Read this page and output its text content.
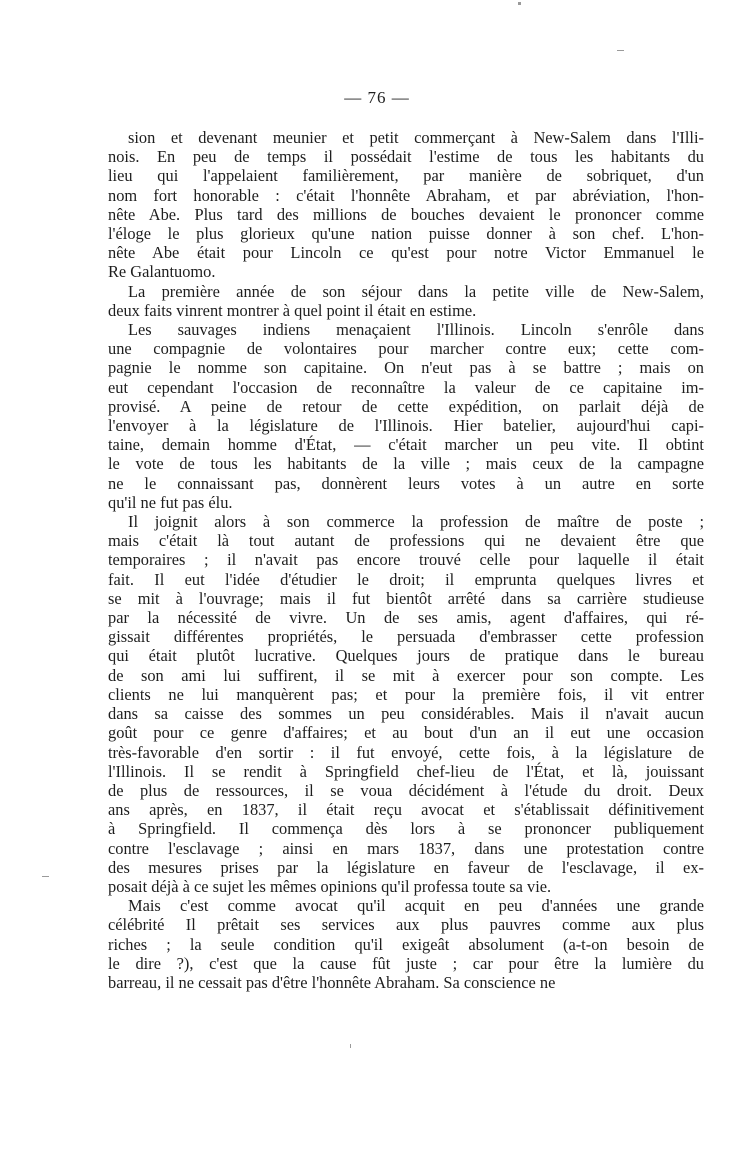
— 76 —
sion et devenant meunier et petit commerçant à New-Salem dans l'Illi-
nois. En peu de temps il possédait l'estime de tous les habitants du
lieu qui l'appelaient familièrement, par manière de sobriquet, d'un
nom fort honorable : c'était l'honnête Abraham, et par abréviation, l'hon-
nête Abe. Plus tard des millions de bouches devaient le prononcer comme
l'éloge le plus glorieux qu'une nation puisse donner à son chef. L'hon-
nête Abe était pour Lincoln ce qu'est pour notre Victor Emmanuel le
Re Galantuomo.
La première année de son séjour dans la petite ville de New-Salem,
deux faits vinrent montrer à quel point il était en estime.
Les sauvages indiens menaçaient l'Illinois. Lincoln s'enrôle dans
une compagnie de volontaires pour marcher contre eux; cette com-
pagnie le nomme son capitaine. On n'eut pas à se battre ; mais on
eut cependant l'occasion de reconnaître la valeur de ce capitaine im-
provisé. A peine de retour de cette expédition, on parlait déjà de
l'envoyer à la législature de l'Illinois. Hier batelier, aujourd'hui capi-
taine, demain homme d'État, — c'était marcher un peu vite. Il obtint
le vote de tous les habitants de la ville ; mais ceux de la campagne
ne le connaissant pas, donnèrent leurs votes à un autre en sorte
qu'il ne fut pas élu.
Il joignit alors à son commerce la profession de maître de poste ;
mais c'était là tout autant de professions qui ne devaient être que
temporaires ; il n'avait pas encore trouvé celle pour laquelle il était
fait. Il eut l'idée d'étudier le droit; il emprunta quelques livres et
se mit à l'ouvrage; mais il fut bientôt arrêté dans sa carrière studieuse
par la nécessité de vivre. Un de ses amis, agent d'affaires, qui ré-
gissait différentes propriétés, le persuada d'embrasser cette profession
qui était plutôt lucrative. Quelques jours de pratique dans le bureau
de son ami lui suffirent, il se mit à exercer pour son compte. Les
clients ne lui manquèrent pas; et pour la première fois, il vit entrer
dans sa caisse des sommes un peu considérables. Mais il n'avait aucun
goût pour ce genre d'affaires; et au bout d'un an il eut une occasion
très-favorable d'en sortir : il fut envoyé, cette fois, à la législature de
l'Illinois. Il se rendit à Springfield chef-lieu de l'État, et là, jouissant
de plus de ressources, il se voua décidément à l'étude du droit. Deux
ans après, en 1837, il était reçu avocat et s'établissait définitivement
à Springfield. Il commença dès lors à se prononcer publiquement
contre l'esclavage ; ainsi en mars 1837, dans une protestation contre
des mesures prises par la législature en faveur de l'esclavage, il ex-
posait déjà à ce sujet les mêmes opinions qu'il professa toute sa vie.
Mais c'est comme avocat qu'il acquit en peu d'années une grande
célébrité Il prêtait ses services aux plus pauvres comme aux plus
riches ; la seule condition qu'il exigeât absolument (a-t-on besoin de
le dire ?), c'est que la cause fût juste ; car pour être la lumière du
barreau, il ne cessait pas d'être l'honnête Abraham. Sa conscience ne
